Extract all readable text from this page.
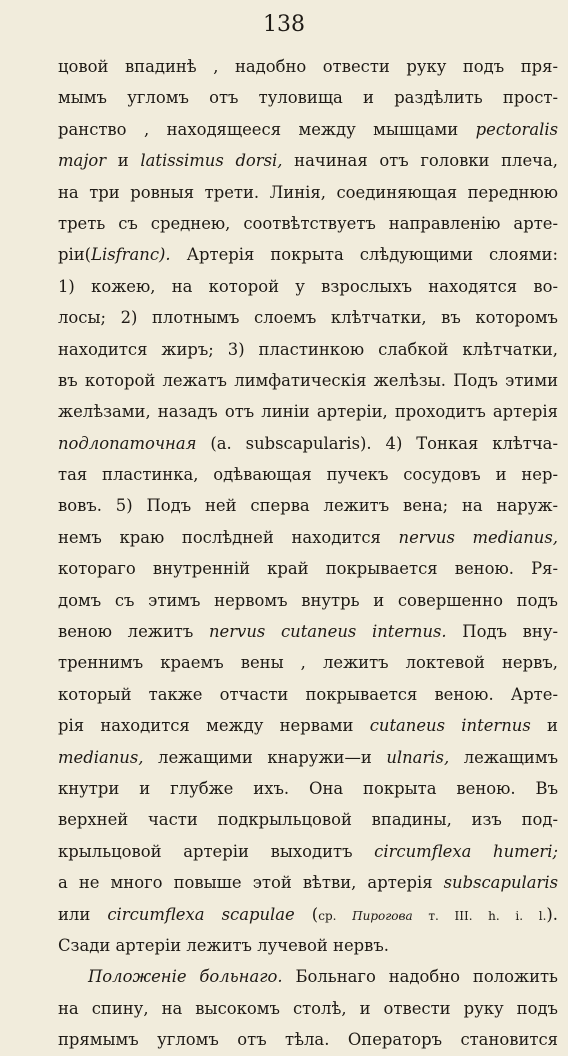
138
цовой впадинѣ , надобно отвести руку подъ пря-
мымъ угломъ отъ туловища и раздѣлить прост-
ранство , находящееся между мышцами pectoralis
major и latissimus dorsi, начиная отъ головки плеча,
на три ровныя трети. Линія, соединяющая переднюю
треть съ среднею, соотвѣтствуетъ направленію арте-
ріи(Lisfranc). Артерія покрыта слѣдующими слоями:
1) кожею, на которой у взрослыхъ находятся во-
лосы; 2) плотнымъ слоемъ клѣтчатки, въ которомъ
находится жиръ; 3) пластинкою слабкой клѣтчатки,
въ которой лежатъ лимфатическія желѣзы. Подъ этими
желѣзами, назадъ отъ линіи артеріи, проходитъ артерія
подлопаточная (a. subscapularis). 4) Тонкая клѣтча-
тая пластинка, одѣвающая пучекъ сосудовъ и нер-
вовъ. 5) Подъ ней сперва лежитъ вена; на наруж-
немъ краю послѣдней находится nervus medianus,
котораго внутренній край покрывается веною. Ря-
домъ съ этимъ нервомъ внутрь и совершенно подъ
веною лежитъ nervus cutaneus internus. Подъ вну-
треннимъ краемъ вены , лежитъ локтевой нервъ,
который также отчасти покрывается веною. Арте-
рія находится между нервами cutaneus internus и
medianus, лежащими кнаружи—и ulnaris, лежащимъ
кнутри и глубже ихъ. Она покрыта веною. Въ
верхней части подкрыльцовой впадины, изъ под-
крыльцовой артеріи выходитъ circumflexa humeri;
а не много повыше этой вѣтви, артерія subscapularis
или circumflexa scapulae (ср. Пирогова т. III. h. i. l.).
Сзади артеріи лежитъ лучевой нервъ.
Положеніе больнаго. Больнаго надобно положить
на спину, на высокомъ столѣ, и отвести руку подъ
прямымъ угломъ отъ тѣла. Операторъ становится
